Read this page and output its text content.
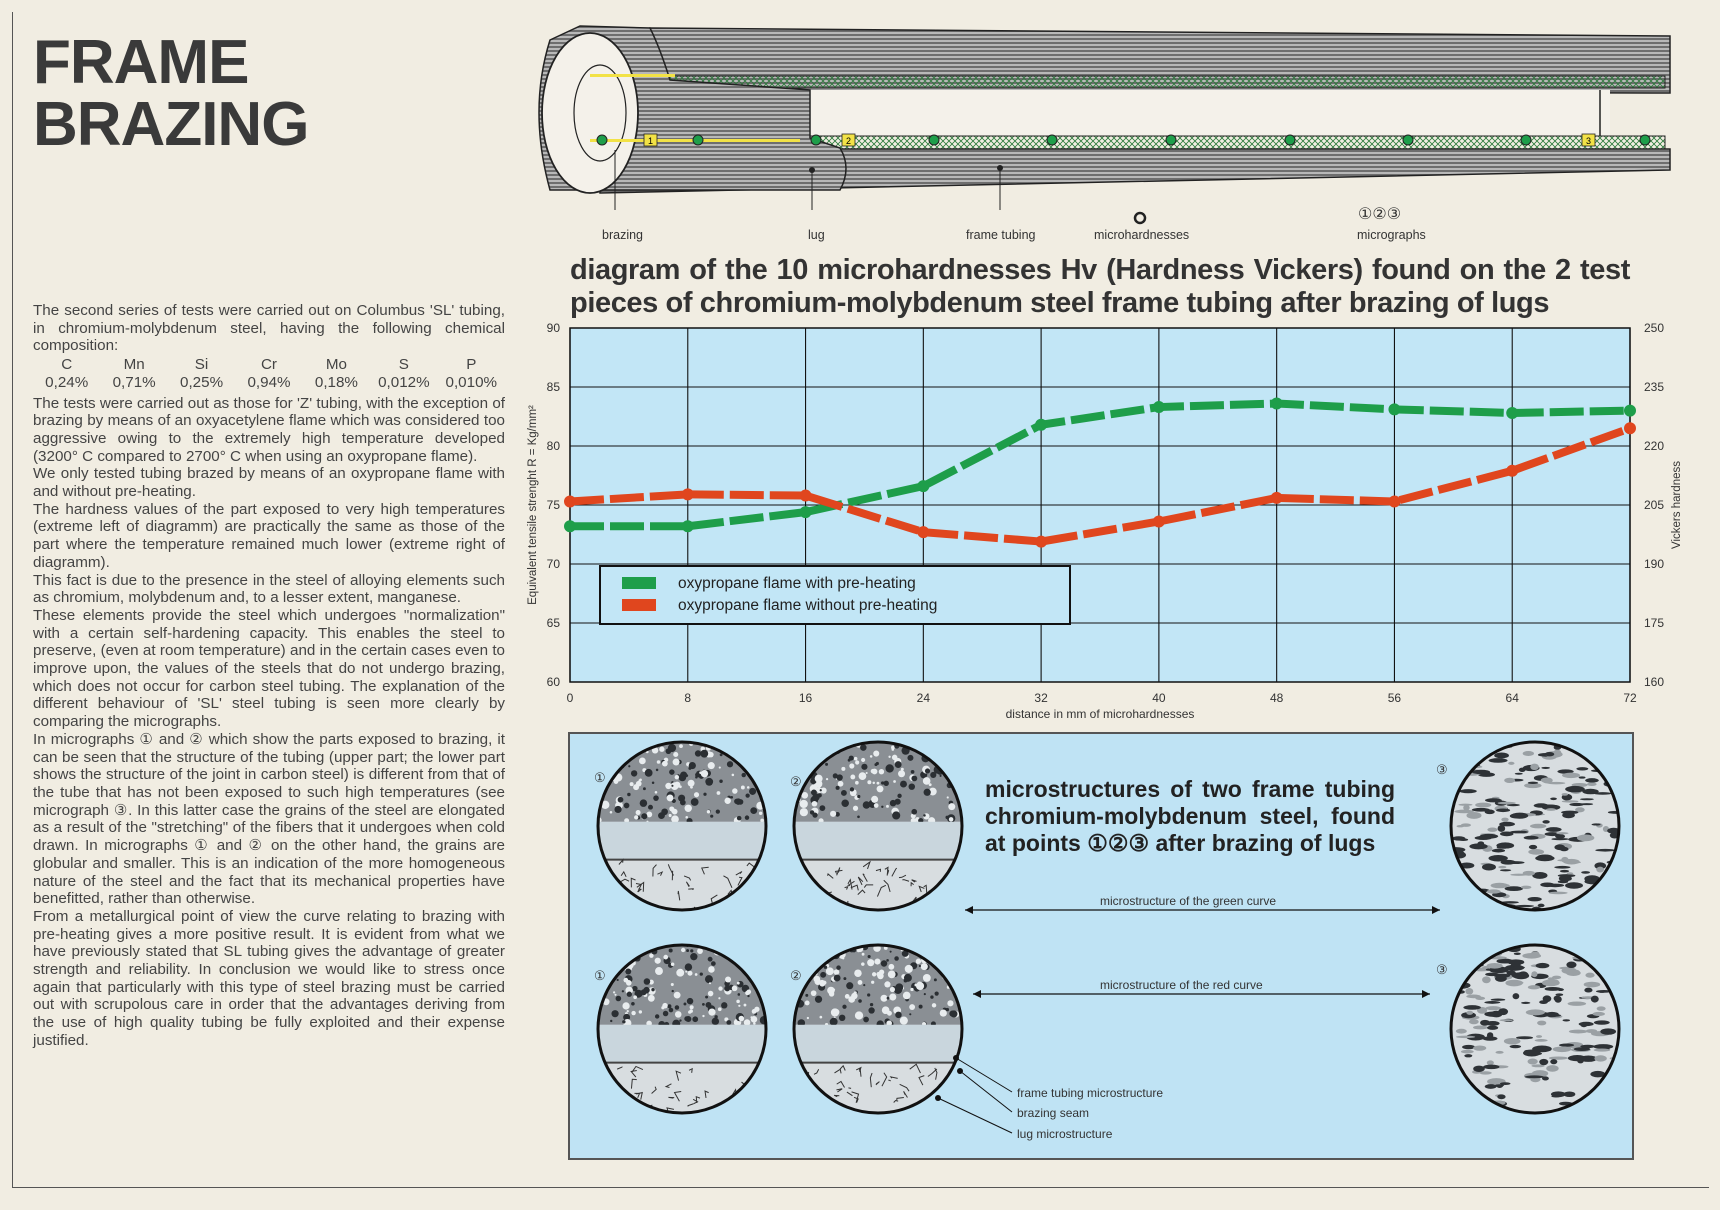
FRAME
BRAZING

The second series of tests were carried out on Columbus 'SL' tubing, in chromium-molybdenum steel, having the following chemical composition:

C	Mn	Si	Cr	Mo	S	P
0,24%	0,71%	0,25%	0,94%	0,18%	0,012%	0,010%

The tests were carried out as those for 'Z' tubing, with the exception of brazing by means of an oxyacetylene flame which was considered too aggressive owing to the extremely high temperature developed (3200° C compared to 2700° C when using an oxypropane flame).

We only tested tubing brazed by means of an oxypropane flame with and without pre-heating.

The hardness values of the part exposed to very high temperatures (extreme left of diagramm) are practically the same as those of the part where the temperature remained much lower (extreme right of diagramm).

This fact is due to the presence in the steel of alloying elements such as chromium, molybdenum and, to a lesser extent, manganese.

These elements provide the steel which undergoes "normalization" with a certain self-hardening capacity. This enables the steel to preserve, (even at room temperature) and in the certain cases even to improve upon, the values of the steels that do not undergo brazing, which does not occur for carbon steel tubing. The explanation of the different behaviour of 'SL' steel tubing is seen more clearly by comparing the micrographs.

In micrographs ① and ② which show the parts exposed to brazing, it can be seen that the structure of the tubing (upper part; the lower part shows the structure of the joint in carbon steel) is different from that of the tube that has not been exposed to such high temperatures (see micrograph ③. In this latter case the grains of the steel are elongated as a result of the "stretching" of the fibers that it undergoes when cold drawn. In micrographs ① and ② on the other hand, the grains are globular and smaller. This is an indication of the more homogeneous nature of the steel and the fact that its mechanical properties have benefitted, rather than otherwise.

From a metallurgical point of view the curve relating to brazing with pre-heating gives a more positive result. It is evident from what we have previously stated that SL tubing gives the advantage of greater strength and reliability. In conclusion we would like to stress once again that particularly with this type of steel brazing must be carried out with scrupolous care in order that the advantages deriving from the use of high quality tubing be fully exploited and their expense justified.

1	2	3
brazing	lug	frame tubing	microhardnesses
①②③
micrographs
diagram of the 10 microhardnesses Hv (Hardness Vickers) found on the 2 test pieces of chromium-molybdenum steel frame tubing after brazing of lugs
0	8	16	24	32	40	48	56	64	72
60
65
70
75
80
85
90
160
175
190
205
220
235
250
distance in mm of microhardnesses
Equivalent tensile strenght R = Kg/mm²	Vickers hardness
oxypropane flame with pre-heating
oxypropane flame without pre-heating
microstructures of two frame tubing chromium-molybdenum steel, found at points ①②③ after brazing of lugs
microstructure of the green curve
microstructure of the red curve
frame tubing microstructure
brazing seam
lug microstructure
①	②
③
①	②	③
